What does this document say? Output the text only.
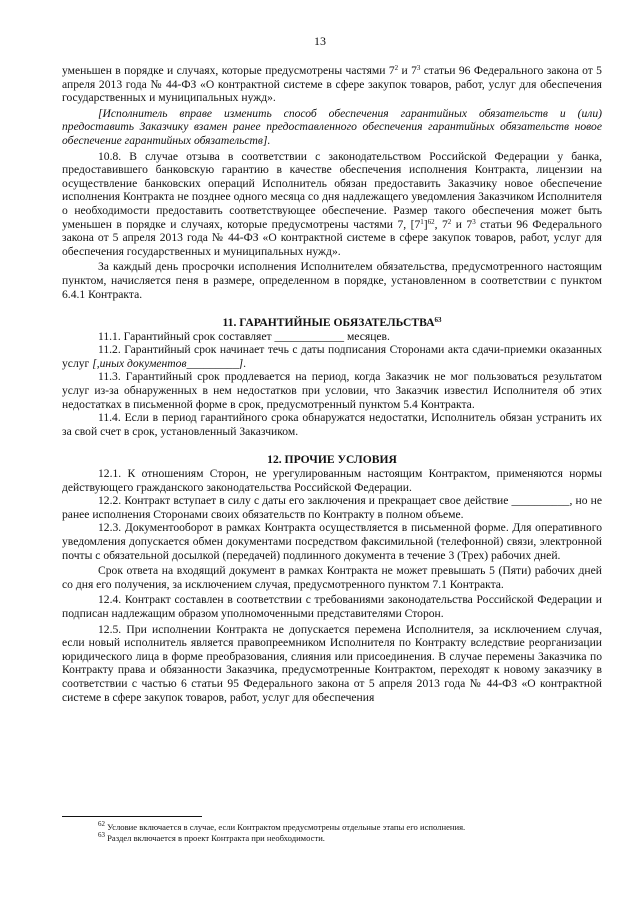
13

уменьшен в порядке и случаях, которые предусмотрены частями $7^2$ и $7^3$ статьи 96 Федерального закона от 5 апреля 2013 года № 44-ФЗ «О контрактной системе в сфере закупок товаров, работ, услуг для обеспечения государственных и муниципальных нужд».

[Исполнитель вправе изменить способ обеспечения гарантийных обязательств и (или) предоставить Заказчику взамен ранее предоставленного обеспечения гарантийных обязательств новое обеспечение гарантийных обязательств].

10.8. В случае отзыва в соответствии с законодательством Российской Федерации у банка, предоставившего банковскую гарантию в качестве обеспечения исполнения Контракта, лицензии на осуществление банковских операций Исполнитель обязан предоставить Заказчику новое обеспечение исполнения Контракта не позднее одного месяца со дня надлежащего уведомления Заказчиком Исполнителя о необходимости предоставить соответствующее обеспечение. Размер такого обеспечения может быть уменьшен в порядке и случаях, которые предусмотрены частями 7, $[7^1]^{62}$, $7^2$ и $7^3$ статьи 96 Федерального закона от 5 апреля 2013 года № 44-ФЗ «О контрактной системе в сфере закупок товаров, работ, услуг для обеспечения государственных и муниципальных нужд».

За каждый день просрочки исполнения Исполнителем обязательства, предусмотренного настоящим пунктом, начисляется пеня в размере, определенном в порядке, установленном в соответствии с пунктом 6.4.1 Контракта.

11. ГАРАНТИЙНЫЕ ОБЯЗАТЕЛЬСТВА$^{63}$

11.1. Гарантийный срок составляет ____________ месяцев.

11.2. Гарантийный срок начинает течь с даты подписания Сторонами акта сдачи-приемки оказанных услуг [,иных документов_________].

11.3. Гарантийный срок продлевается на период, когда Заказчик не мог пользоваться результатом услуг из-за обнаруженных в нем недостатков при условии, что Заказчик известил Исполнителя об этих недостатках в письменной форме в срок, предусмотренный пунктом 5.4 Контракта.

11.4. Если в период гарантийного срока обнаружатся недостатки, Исполнитель обязан устранить их за свой счет в срок, установленный Заказчиком.

12. ПРОЧИЕ УСЛОВИЯ

12.1. К отношениям Сторон, не урегулированным настоящим Контрактом, применяются нормы действующего гражданского законодательства Российской Федерации.

12.2. Контракт вступает в силу с даты его заключения и прекращает свое действие __________, но не ранее исполнения Сторонами своих обязательств по Контракту в полном объеме.

12.3. Документооборот в рамках Контракта осуществляется в письменной форме. Для оперативного уведомления допускается обмен документами посредством факсимильной (телефонной) связи, электронной почты с обязательной досылкой (передачей) подлинного документа в течение 3 (Трех) рабочих дней.

Срок ответа на входящий документ в рамках Контракта не может превышать 5 (Пяти) рабочих дней со дня его получения, за исключением случая, предусмотренного пунктом 7.1 Контракта.

12.4. Контракт составлен в соответствии с требованиями законодательства Российской Федерации и подписан надлежащим образом уполномоченными представителями Сторон.

12.5. При исполнении Контракта не допускается перемена Исполнителя, за исключением случая, если новый исполнитель является правопреемником Исполнителя по Контракту вследствие реорганизации юридического лица в форме преобразования, слияния или присоединения. В случае перемены Заказчика по Контракту права и обязанности Заказчика, предусмотренные Контрактом, переходят к новому заказчику в соответствии с частью 6 статьи 95 Федерального закона от 5 апреля 2013 года № 44-ФЗ «О контрактной системе в сфере закупок товаров, работ, услуг для обеспечения

$^{62}$ Условие включается в случае, если Контрактом предусмотрены отдельные этапы его исполнения.

$^{63}$ Раздел включается в проект Контракта при необходимости.
